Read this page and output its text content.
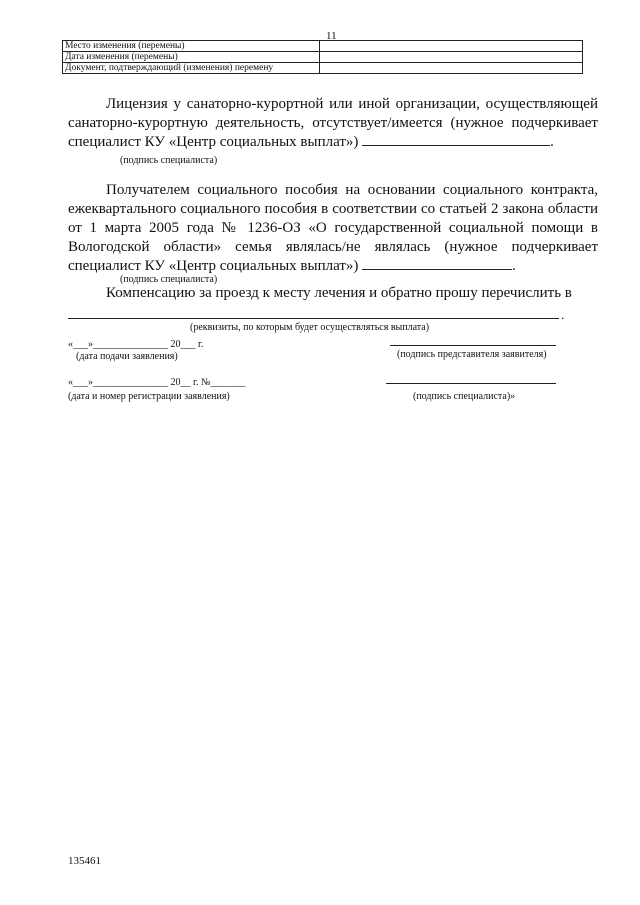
11
Место изменения (перемены)	
Дата изменения (перемены)	
Документ, подтверждающий (изменения) перемену	
Лицензия у санаторно-курортной или иной организации, осуществляющей санаторно-курортную деятельность, отсутствует/имеется (нужное подчеркивает специалист КУ «Центр социальных выплат»)	.
(подпись специалиста)
Получателем социального пособия на основании социального контракта, ежеквартального социального пособия в соответствии со статьей 2 закона области от 1 марта 2005 года № 1236-ОЗ «О государственной социальной помощи в Вологодской области» семья являлась/не являлась (нужное подчеркивает специалист КУ «Центр социальных выплат»)	.
(подпись специалиста)
Компенсацию за проезд к месту лечения и обратно прошу перечислить в
.
(реквизиты, по которым будет осуществляться выплата)
«___»_______________ 20___ г.
(дата подачи заявления)	(подпись представителя заявителя)
«___»_______________ 20__ г. №_______
(дата и номер регистрации заявления)	(подпись специалиста)»
135461
